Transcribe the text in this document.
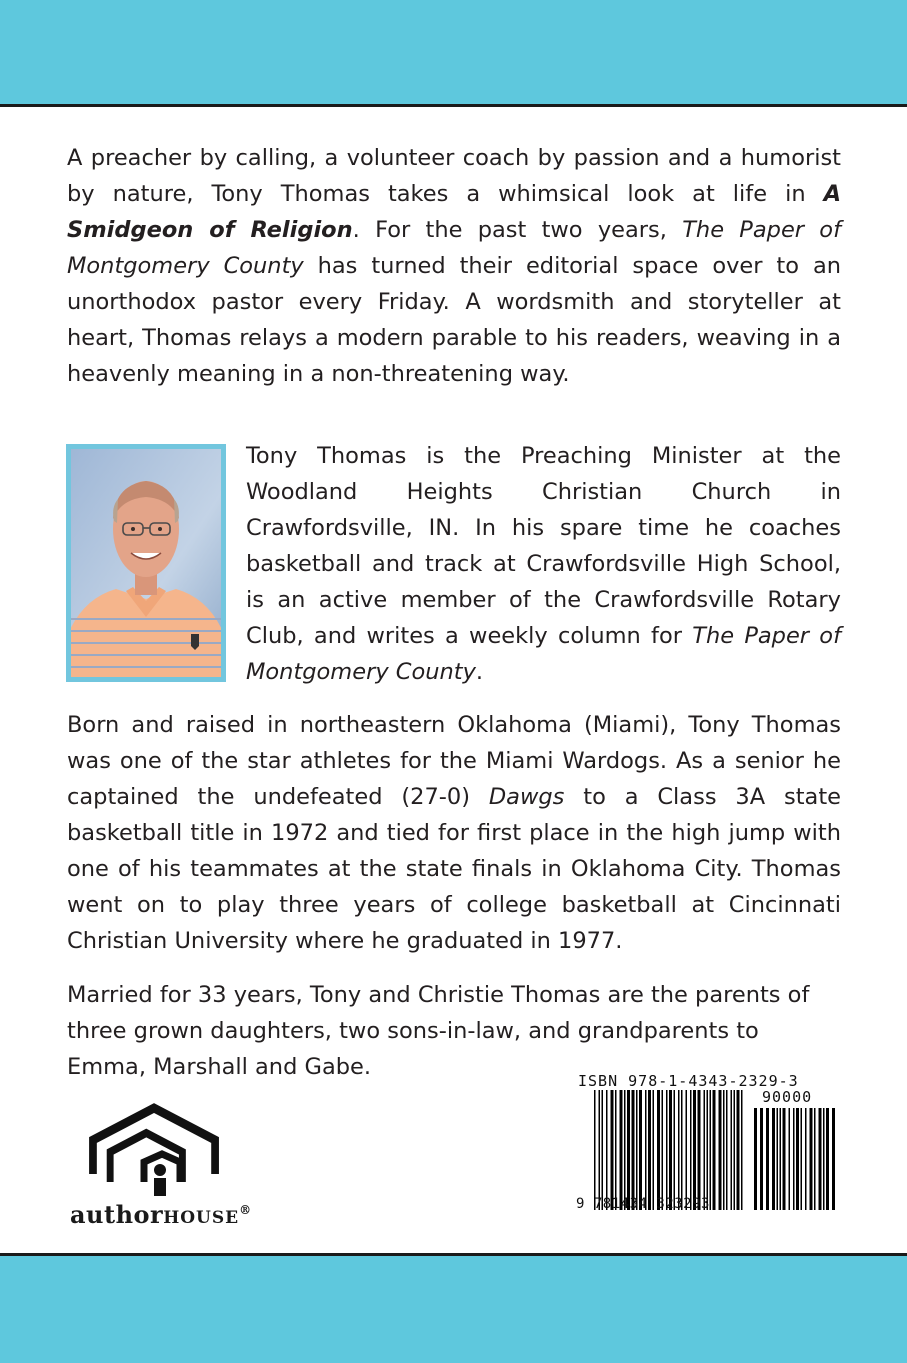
A preacher by calling, a volunteer coach by passion and a humorist by nature, Tony Thomas takes a whimsical look at life in A Smidgeon of Religion. For the past two years, The Paper of Montgomery County has turned their editorial space over to an unorthodox pastor every Friday. A wordsmith and storyteller at heart, Thomas relays a modern parable to his readers, weaving in a heavenly meaning in a non-threatening way.

Tony Thomas is the Preaching Minister at the Woodland Heights Christian Church in Crawfordsville, IN. In his spare time he coaches basketball and track at Crawfordsville High School, is an active member of the Crawfordsville Rotary Club, and writes a weekly column for The Paper of Montgomery County.

Born and raised in northeastern Oklahoma (Miami), Tony Thomas was one of the star athletes for the Miami Wardogs. As a senior he captained the undefeated (27-0) Dawgs to a Class 3A state basketball title in 1972 and tied for first place in the high jump with one of his teammates at the state finals in Oklahoma City. Thomas went on to play three years of college basketball at Cincinnati Christian University where he graduated in 1977.

Married for 33 years, Tony and Christie Thomas are the parents of three grown daughters, two sons-in-law, and grandparents to Emma, Marshall and Gabe.

authorHOUSE®
ISBN 978-1-4343-2329-3
90000
9 781434 323293
